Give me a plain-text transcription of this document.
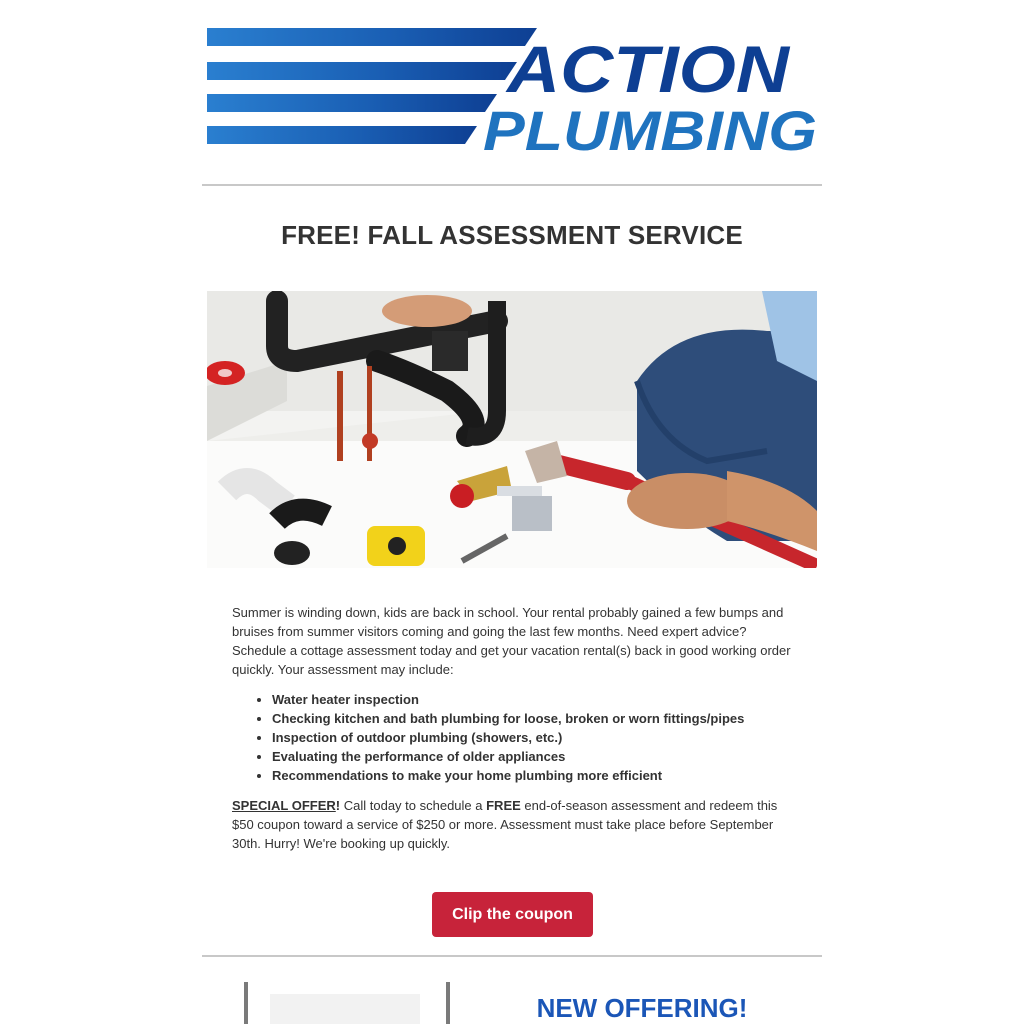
ACTION
PLUMBING
FREE! FALL ASSESSMENT SERVICE

Summer is winding down, kids are back in school. Your rental probably gained a few bumps and bruises from summer visitors coming and going the last few months. Need expert advice? Schedule a cottage assessment today and get your vacation rental(s) back in good working order quickly. Your assessment may include:

• Water heater inspection
• Checking kitchen and bath plumbing for loose, broken or worn fittings/pipes
• Inspection of outdoor plumbing (showers, etc.)
• Evaluating the performance of older appliances
• Recommendations to make your home plumbing more efficient

SPECIAL OFFER! Call today to schedule a FREE end-of-season assessment and redeem this $50 coupon toward a service of $250 or more. Assessment must take place before September 30th. Hurry! We're booking up quickly.

Clip the coupon
NEW OFFERING!
